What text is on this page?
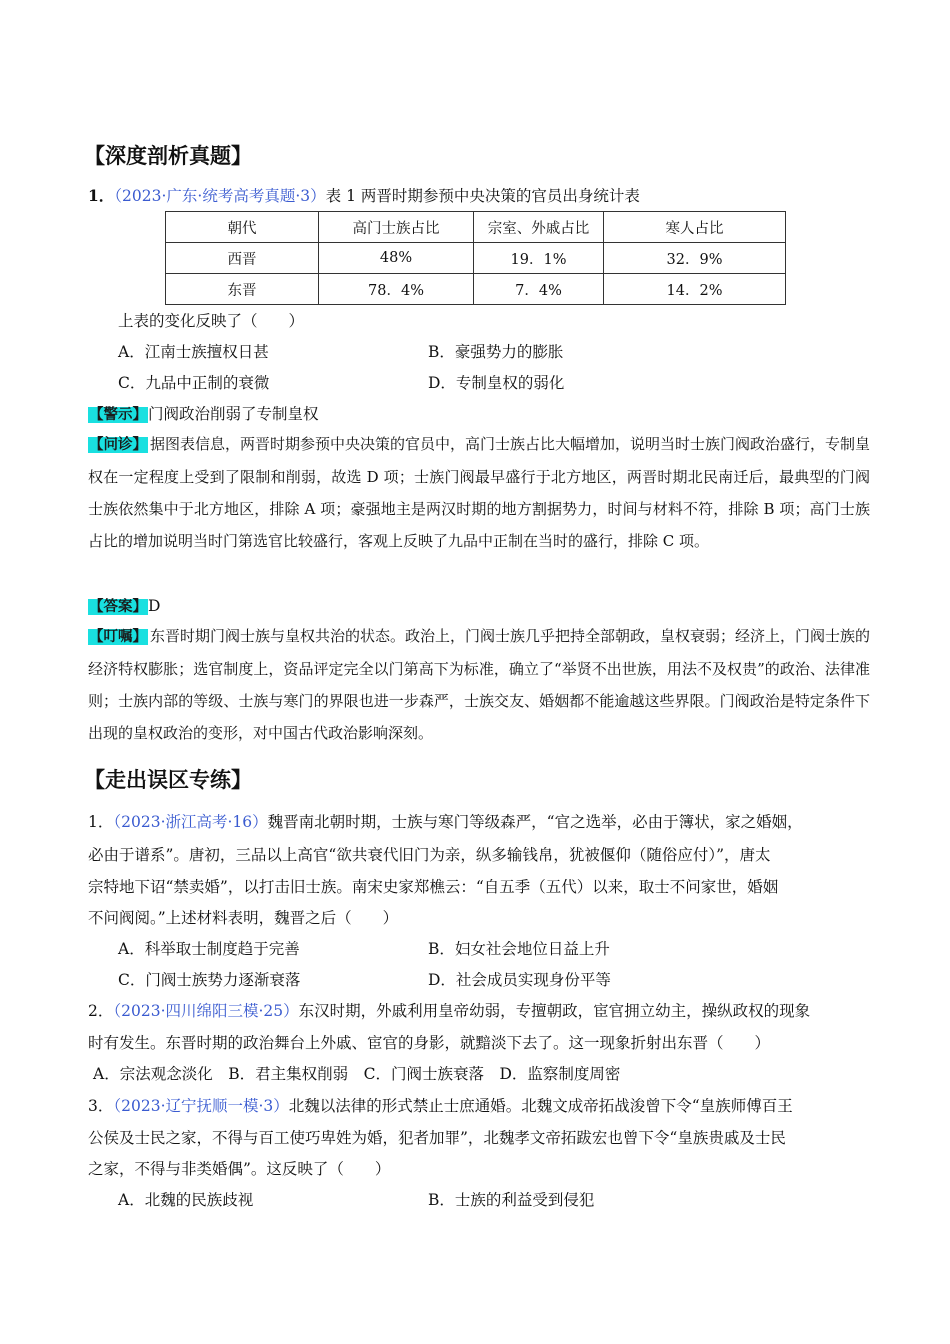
【深度剖析真题】
1．（2023·广东·统考高考真题·3）表 1 两晋时期参预中央决策的官员出身统计表
朝代	高门士族占比	宗室、外戚占比	寒人占比
西晋	48%	19．1%	32．9%
东晋	78．4%	7．4%	14．2%
上表的变化反映了（　　）
A．江南士族擅权日甚	B．豪强势力的膨胀
C．九品中正制的衰微	D．专制皇权的弱化
【警示】门阀政治削弱了专制皇权
【问诊】 据图表信息，两晋时期参预中央决策的官员中，高门士族占比大幅增加，说明当时士族门阀政治盛行，专制皇权在一定程度上受到了限制和削弱，故选 D 项；士族门阀最早盛行于北方地区，两晋时期北民南迁后，最典型的门阀士族依然集中于北方地区，排除 A 项；豪强地主是两汉时期的地方割据势力，时间与材料不符，排除 B 项；高门士族占比的增加说明当时门第选官比较盛行，客观上反映了九品中正制在当时的盛行，排除 C 项。
【答案】D
【叮嘱】 东晋时期门阀士族与皇权共治的状态。政治上，门阀士族几乎把持全部朝政，皇权衰弱；经济上，门阀士族的经济特权膨胀；选官制度上，资品评定完全以门第高下为标准，确立了“举贤不出世族，用法不及权贵”的政治、法律准则；士族内部的等级、士族与寒门的界限也进一步森严，士族交友、婚姻都不能逾越这些界限。门阀政治是特定条件下出现的皇权政治的变形，对中国古代政治影响深刻。
【走出误区专练】
1．（2023·浙江高考·16）魏晋南北朝时期，士族与寒门等级森严，“官之选举，必由于簿状，家之婚姻，
必由于谱系”。唐初，三品以上高官“欲共衰代旧门为亲，纵多输钱帛，犹被偃仰（随俗应付）”，唐太
宗特地下诏“禁卖婚”，以打击旧士族。南宋史家郑樵云：“自五季（五代）以来，取士不问家世，婚姻
不问阀阅。”上述材料表明，魏晋之后（　　）
A．科举取士制度趋于完善	B．妇女社会地位日益上升
C．门阀士族势力逐渐衰落	D．社会成员实现身份平等
2．（2023·四川绵阳三模·25）东汉时期，外戚利用皇帝幼弱，专擅朝政，宦官拥立幼主，操纵政权的现象
时有发生。东晋时期的政治舞台上外戚、宦官的身影，就黯淡下去了。这一现象折射出东晋（　　）
A．宗法观念淡化　B．君主集权削弱　C．门阀士族衰落　D．监察制度周密
3．（2023·辽宁抚顺一模·3）北魏以法律的形式禁止士庶通婚。北魏文成帝拓战浚曾下令“皇族师傅百王
公侯及士民之家，不得与百工使巧卑姓为婚，犯者加罪”，北魏孝文帝拓跋宏也曾下令“皇族贵戚及士民
之家，不得与非类婚偶”。这反映了（　　）
A．北魏的民族歧视	B．士族的利益受到侵犯
